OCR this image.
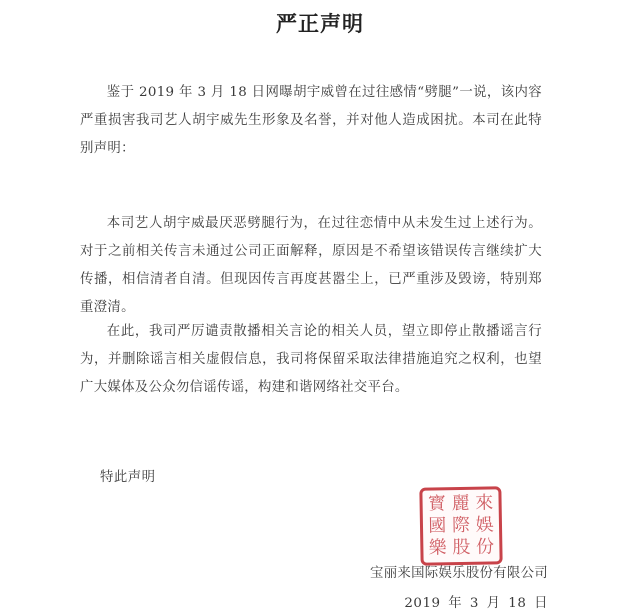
严正声明
鉴于 2019 年 3 月 18 日网曝胡宇威曾在过往感情“劈腿”一说，该内容严重损害我司艺人胡宇威先生形象及名誉，并对他人造成困扰。本司在此特别声明：
本司艺人胡宇威最厌恶劈腿行为，在过往恋情中从未发生过上述行为。对于之前相关传言未通过公司正面解释，原因是不希望该错误传言继续扩大传播，相信清者自清。但现因传言再度甚嚣尘上，已严重涉及毁谤，特别郑重澄清。
在此，我司严厉谴责散播相关言论的相关人员，望立即停止散播谣言行为，并删除谣言相关虚假信息，我司将保留采取法律措施追究之权利，也望广大媒体及公众勿信谣传谣，构建和谐网络社交平台。
特此声明
寳 麗 來
國 際 娛
樂 股 份
宝丽来国际娱乐股份有限公司
2019 年 3 月 18 日
